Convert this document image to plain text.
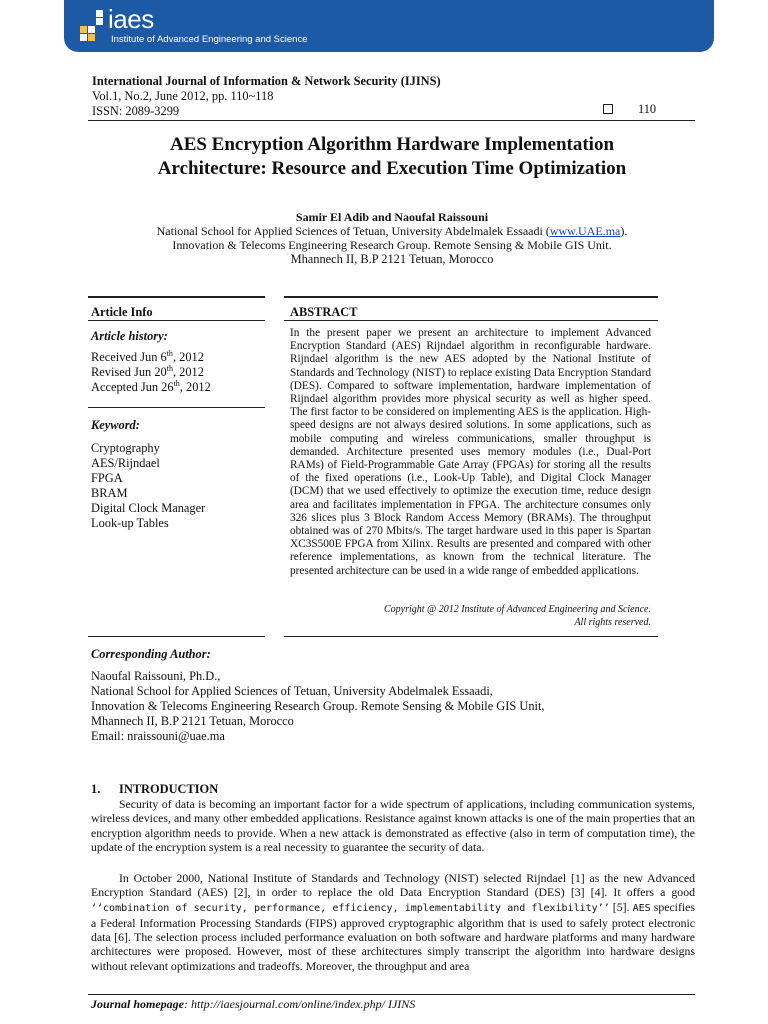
iaes
Institute of Advanced Engineering and Science
International Journal of Information & Network Security (IJINS)
Vol.1, No.2, June 2012, pp. 110~118
ISSN: 2089-3299	110
AES Encryption Algorithm Hardware Implementation
Architecture: Resource and Execution Time Optimization
Samir El Adib and Naoufal Raissouni
National School for Applied Sciences of Tetuan, University Abdelmalek Essaadi (www.UAE.ma).
Innovation & Telecoms Engineering Research Group. Remote Sensing & Mobile GIS Unit.
Mhannech II, B.P 2121 Tetuan, Morocco
Article Info
Article history:
Received Jun 6th, 2012
Revised Jun 20th, 2012
Accepted Jun 26th, 2012
Keyword:
Cryptography
AES/Rijndael
FPGA
BRAM
Digital Clock Manager
Look-up Tables
ABSTRACT
In the present paper we present an architecture to implement Advanced Encryption Standard (AES) Rijndael algorithm in reconfigurable hardware. Rijndael algorithm is the new AES adopted by the National Institute of Standards and Technology (NIST) to replace existing Data Encryption Standard (DES). Compared to software implementation, hardware implementation of Rijndael algorithm provides more physical security as well as higher speed. The first factor to be considered on implementing AES is the application. High-speed designs are not always desired solutions. In some applications, such as mobile computing and wireless communications, smaller throughput is demanded. Architecture presented uses memory modules (i.e., Dual-Port RAMs) of Field-Programmable Gate Array (FPGAs) for storing all the results of the fixed operations (i.e., Look-Up Table), and Digital Clock Manager (DCM) that we used effectively to optimize the execution time, reduce design area and facilitates implementation in FPGA. The architecture consumes only 326 slices plus 3 Block Random Access Memory (BRAMs). The throughput obtained was of 270 Mbits/s. The target hardware used in this paper is Spartan XC3S500E FPGA from Xilinx. Results are presented and compared with other reference implementations, as known from the technical literature. The presented architecture can be used in a wide range of embedded applications.
Copyright @ 2012 Institute of Advanced Engineering and Science.
All rights reserved.
Corresponding Author:
Naoufal Raissouni, Ph.D.,
National School for Applied Sciences of Tetuan, University Abdelmalek Essaadi,
Innovation & Telecoms Engineering Research Group. Remote Sensing & Mobile GIS Unit,
Mhannech II, B.P 2121 Tetuan, Morocco
Email: nraissouni@uae.ma
1. INTRODUCTION
Security of data is becoming an important factor for a wide spectrum of applications, including communication systems, wireless devices, and many other embedded applications. Resistance against known attacks is one of the main properties that an encryption algorithm needs to provide. When a new attack is demonstrated as effective (also in term of computation time), the update of the encryption system is a real necessity to guarantee the security of data.
In October 2000, National Institute of Standards and Technology (NIST) selected Rijndael [1] as the new Advanced Encryption Standard (AES) [2], in order to replace the old Data Encryption Standard (DES) [3] [4]. It offers a good ‘‘combination of security, performance, efficiency, implementability and flexibility’’ [5]. AES specifies a Federal Information Processing Standards (FIPS) approved cryptographic algorithm that is used to safely protect electronic data [6]. The selection process included performance evaluation on both software and hardware platforms and many hardware architectures were proposed. However, most of these architectures simply transcript the algorithm into hardware designs without relevant optimizations and tradeoffs. Moreover, the throughput and area
Journal homepage: http://iaesjournal.com/online/index.php/ IJINS
